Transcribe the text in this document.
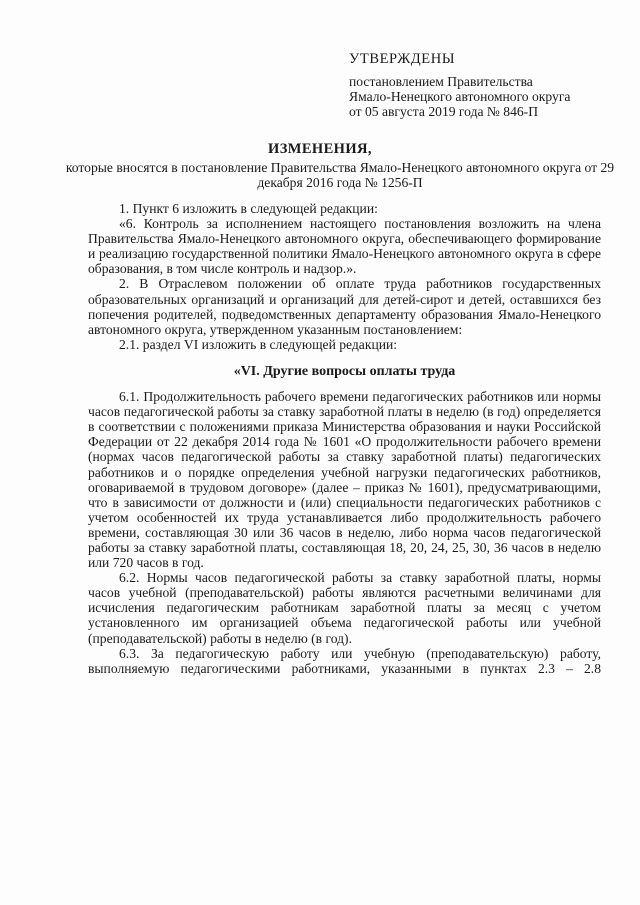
УТВЕРЖДЕНЫ
постановлением Правительства
Ямало-Ненецкого автономного округа
от 05 августа 2019 года № 846-П
ИЗМЕНЕНИЯ,
которые вносятся в постановление Правительства Ямало-Ненецкого автономного округа от 29 декабря 2016 года № 1256-П

1. Пункт 6 изложить в следующей редакции:

«6. Контроль за исполнением настоящего постановления возложить на члена Правительства Ямало-Ненецкого автономного округа, обеспечивающего формирование и реализацию государственной политики Ямало-Ненецкого автономного округа в сфере образования, в том числе контроль и надзор.».

2. В Отраслевом положении об оплате труда работников государственных образовательных организаций и организаций для детей-сирот и детей, оставшихся без попечения родителей, подведомственных департаменту образования Ямало-Ненецкого автономного округа, утвержденном указанным постановлением:

2.1. раздел VI изложить в следующей редакции:

«VI. Другие вопросы оплаты труда

6.1. Продолжительность рабочего времени педагогических работников или нормы часов педагогической работы за ставку заработной платы в неделю (в год) определяется в соответствии с положениями приказа Министерства образования и науки Российской Федерации от 22 декабря 2014 года № 1601 «О продолжительности рабочего времени (нормах часов педагогической работы за ставку заработной платы) педагогических работников и о порядке определения учебной нагрузки педагогических работников, оговариваемой в трудовом договоре» (далее – приказ № 1601), предусматривающими, что в зависимости от должности и (или) специальности педагогических работников с учетом особенностей их труда устанавливается либо продолжительность рабочего времени, составляющая 30 или 36 часов в неделю, либо норма часов педагогической работы за ставку заработной платы, составляющая 18, 20, 24, 25, 30, 36 часов в неделю или 720 часов в год.

6.2. Нормы часов педагогической работы за ставку заработной платы, нормы часов учебной (преподавательской) работы являются расчетными величинами для исчисления педагогическим работникам заработной платы за месяц с учетом установленного им организацией объема педагогической работы или учебной (преподавательской) работы в неделю (в год).

6.3. За педагогическую работу или учебную (преподавательскую) работу, выполняемую педагогическими работниками, указанными в пунктах 2.3 – 2.8
